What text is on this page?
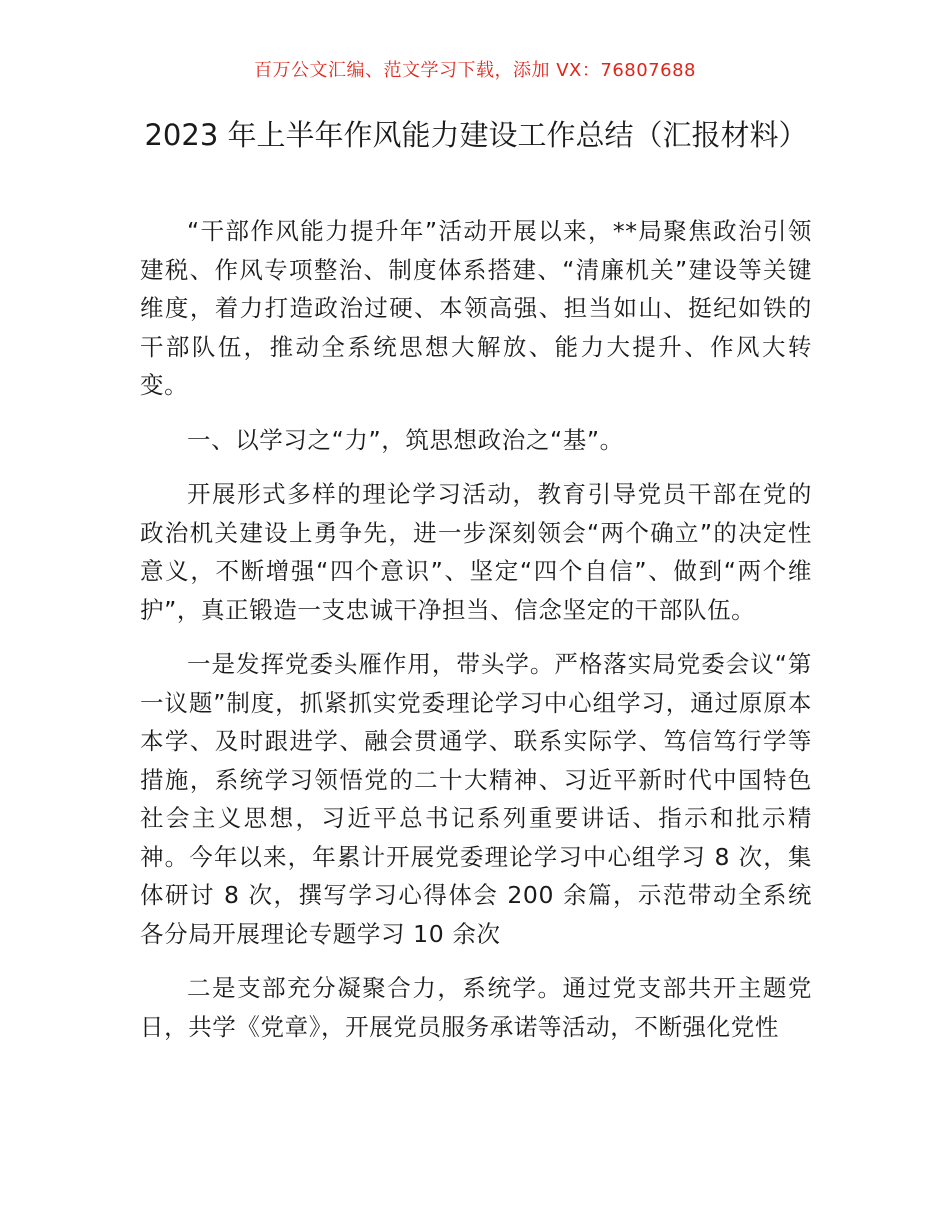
百万公文汇编、范文学习下载，添加 VX：76807688
2023 年上半年作风能力建设工作总结（汇报材料）

“干部作风能力提升年”活动开展以来，**局聚焦政治引领建税、作风专项整治、制度体系搭建、“清廉机关”建设等关键维度，着力打造政治过硬、本领高强、担当如山、挺纪如铁的干部队伍，推动全系统思想大解放、能力大提升、作风大转变。

一、以学习之“力”，筑思想政治之“基”。

开展形式多样的理论学习活动，教育引导党员干部在党的政治机关建设上勇争先，进一步深刻领会“两个确立”的决定性意义，不断增强“四个意识”、坚定“四个自信”、做到“两个维护”，真正锻造一支忠诚干净担当、信念坚定的干部队伍。

一是发挥党委头雁作用，带头学。严格落实局党委会议“第一议题”制度，抓紧抓实党委理论学习中心组学习，通过原原本本学、及时跟进学、融会贯通学、联系实际学、笃信笃行学等措施，系统学习领悟党的二十大精神、习近平新时代中国特色社会主义思想，习近平总书记系列重要讲话、指示和批示精神。今年以来，年累计开展党委理论学习中心组学习 8 次，集体研讨 8 次，撰写学习心得体会 200 余篇，示范带动全系统各分局开展理论专题学习 10 余次

二是支部充分凝聚合力，系统学。通过党支部共开主题党日，共学《党章》，开展党员服务承诺等活动，不断强化党性
